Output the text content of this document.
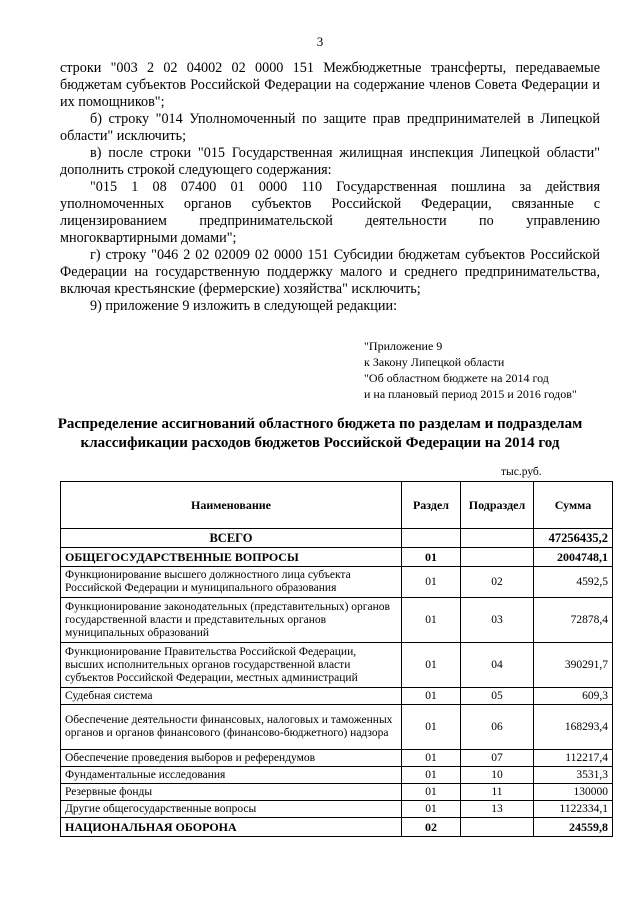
3

строки "003 2 02 04002 02 0000 151 Межбюджетные трансферты, передаваемые бюджетам субъектов Российской Федерации на содержание членов Совета Федерации и их помощников";

б) строку "014 Уполномоченный по защите прав предпринимателей в Липецкой области" исключить;

в) после строки "015 Государственная жилищная инспекция Липецкой области" дополнить строкой следующего содержания:

"015 1 08 07400 01 0000 110 Государственная пошлина за действия уполномоченных органов субъектов Российской Федерации, связанные с лицензированием предпринимательской деятельности по управлению многоквартирными домами";

г) строку "046 2 02 02009 02 0000 151 Субсидии бюджетам субъектов Российской Федерации на государственную поддержку малого и среднего предпринимательства, включая крестьянские (фермерские) хозяйства" исключить;

9) приложение 9 изложить в следующей редакции:

"Приложение 9
к Закону Липецкой области
"Об областном бюджете на 2014 год
и на плановый период 2015 и 2016 годов"
Распределение ассигнований областного бюджета по разделам и подразделам
классификации расходов бюджетов Российской Федерации на 2014 год
тыс.руб.
Наименование	Раздел	Подраздел	Сумма
ВСЕГО			47256435,2
ОБЩЕГОСУДАРСТВЕННЫЕ ВОПРОСЫ	01		2004748,1
Функционирование высшего должностного лица субъекта Российской Федерации и муниципального образования	01	02	4592,5
Функционирование законодательных (представительных) органов государственной власти и представительных органов муниципальных образований	01	03	72878,4
Функционирование Правительства Российской Федерации, высших исполнительных органов государственной власти субъектов Российской Федерации, местных администраций	01	04	390291,7
Судебная система	01	05	609,3
Обеспечение деятельности финансовых, налоговых и таможенных органов и органов финансового (финансово-бюджетного) надзора	01	06	168293,4
Обеспечение проведения выборов и референдумов	01	07	112217,4
Фундаментальные исследования	01	10	3531,3
Резервные фонды	01	11	130000
Другие общегосударственные вопросы	01	13	1122334,1
НАЦИОНАЛЬНАЯ ОБОРОНА	02		24559,8
